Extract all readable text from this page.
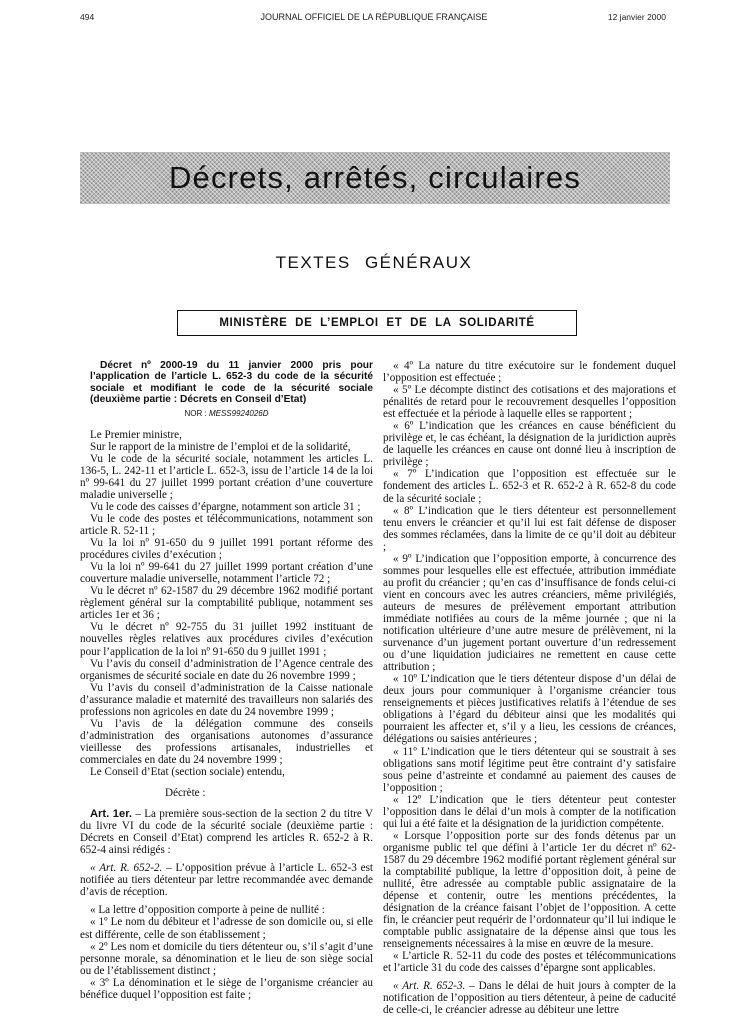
494	JOURNAL OFFICIEL DE LA RÉPUBLIQUE FRANÇAISE	12 janvier 2000
Décrets, arrêtés, circulaires
TEXTES GÉNÉRAUX
MINISTÈRE DE L’EMPLOI ET DE LA SOLIDARITÉ

Décret nº 2000-19 du 11 janvier 2000 pris pour l’application de l’article L. 652-3 du code de la sécurité sociale et modifiant le code de la sécurité sociale (deuxième partie : Décrets en Conseil d’Etat)

NOR : MESS9924026D

Le Premier ministre,

Sur le rapport de la ministre de l’emploi et de la solidarité,

Vu le code de la sécurité sociale, notamment les articles L. 136-5, L. 242-11 et l’article L. 652-3, issu de l’article 14 de la loi nº 99-641 du 27 juillet 1999 portant création d’une couverture maladie universelle ;

Vu le code des caisses d’épargne, notamment son article 31 ;

Vu le code des postes et télécommunications, notamment son article R. 52-11 ;

Vu la loi nº 91-650 du 9 juillet 1991 portant réforme des procédures civiles d’exécution ;

Vu la loi nº 99-641 du 27 juillet 1999 portant création d’une couverture maladie universelle, notamment l’article 72 ;

Vu le décret nº 62-1587 du 29 décembre 1962 modifié portant règlement général sur la comptabilité publique, notamment ses articles 1er et 36 ;

Vu le décret nº 92-755 du 31 juillet 1992 instituant de nouvelles règles relatives aux procédures civiles d’exécution pour l’application de la loi nº 91-650 du 9 juillet 1991 ;

Vu l’avis du conseil d’administration de l’Agence centrale des organismes de sécurité sociale en date du 26 novembre 1999 ;

Vu l’avis du conseil d’administration de la Caisse nationale d’assurance maladie et maternité des travailleurs non salariés des professions non agricoles en date du 24 novembre 1999 ;

Vu l’avis de la délégation commune des conseils d’administration des organisations autonomes d’assurance vieillesse des professions artisanales, industrielles et commerciales en date du 24 novembre 1999 ;

Le Conseil d’Etat (section sociale) entendu,

Décrète :

Art. 1er. – La première sous-section de la section 2 du titre V du livre VI du code de la sécurité sociale (deuxième partie : Décrets en Conseil d’Etat) comprend les articles R. 652-2 à R. 652-4 ainsi rédigés :

« Art. R. 652-2. – L’opposition prévue à l’article L. 652-3 est notifiée au tiers détenteur par lettre recommandée avec demande d’avis de réception.

« La lettre d’opposition comporte à peine de nullité :

« 1º Le nom du débiteur et l’adresse de son domicile ou, si elle est différente, celle de son établissement ;

« 2º Les nom et domicile du tiers détenteur ou, s’il s’agit d’une personne morale, sa dénomination et le lieu de son siège social ou de l’établissement distinct ;

« 3º La dénomination et le siège de l’organisme créancier au bénéfice duquel l’opposition est faite ;

« 4º La nature du titre exécutoire sur le fondement duquel l’opposition est effectuée ;

« 5º Le décompte distinct des cotisations et des majorations et pénalités de retard pour le recouvrement desquelles l’opposition est effectuée et la période à laquelle elles se rapportent ;

« 6º L’indication que les créances en cause bénéficient du privilège et, le cas échéant, la désignation de la juridiction auprès de laquelle les créances en cause ont donné lieu à inscription de privilège ;

« 7º L’indication que l’opposition est effectuée sur le fondement des articles L. 652-3 et R. 652-2 à R. 652-8 du code de la sécurité sociale ;

« 8º L’indication que le tiers détenteur est personnellement tenu envers le créancier et qu’il lui est fait défense de disposer des sommes réclamées, dans la limite de ce qu’il doit au débiteur ;

« 9º L’indication que l’opposition emporte, à concurrence des sommes pour lesquelles elle est effectuée, attribution immédiate au profit du créancier ; qu’en cas d’insuffisance de fonds celui-ci vient en concours avec les autres créanciers, même privilégiés, auteurs de mesures de prélèvement emportant attribution immédiate notifiées au cours de la même journée ; que ni la notification ultérieure d’une autre mesure de prélèvement, ni la survenance d’un jugement portant ouverture d’un redressement ou d’une liquidation judiciaires ne remettent en cause cette attribution ;

« 10º L’indication que le tiers détenteur dispose d’un délai de deux jours pour communiquer à l’organisme créancier tous renseignements et pièces justificatives relatifs à l’étendue de ses obligations à l’égard du débiteur ainsi que les modalités qui pourraient les affecter et, s’il y a lieu, les cessions de créances, délégations ou saisies antérieures ;

« 11º L’indication que le tiers détenteur qui se soustrait à ses obligations sans motif légitime peut être contraint d’y satisfaire sous peine d’astreinte et condamné au paiement des causes de l’opposition ;

« 12º L’indication que le tiers détenteur peut contester l’opposition dans le délai d’un mois à compter de la notification qui lui a été faite et la désignation de la juridiction compétente.

« Lorsque l’opposition porte sur des fonds détenus par un organisme public tel que défini à l’article 1er du décret nº 62-1587 du 29 décembre 1962 modifié portant règlement général sur la comptabilité publique, la lettre d’opposition doit, à peine de nullité, être adressée au comptable public assignataire de la dépense et contenir, outre les mentions précédentes, la désignation de la créance faisant l’objet de l’opposition. A cette fin, le créancier peut requérir de l’ordonnateur qu’il lui indique le comptable public assignataire de la dépense ainsi que tous les renseignements nécessaires à la mise en œuvre de la mesure.

« L’article R. 52-11 du code des postes et télécommunications et l’article 31 du code des caisses d’épargne sont applicables.

« Art. R. 652-3. – Dans le délai de huit jours à compter de la notification de l’opposition au tiers détenteur, à peine de caducité de celle-ci, le créancier adresse au débiteur une lettre
